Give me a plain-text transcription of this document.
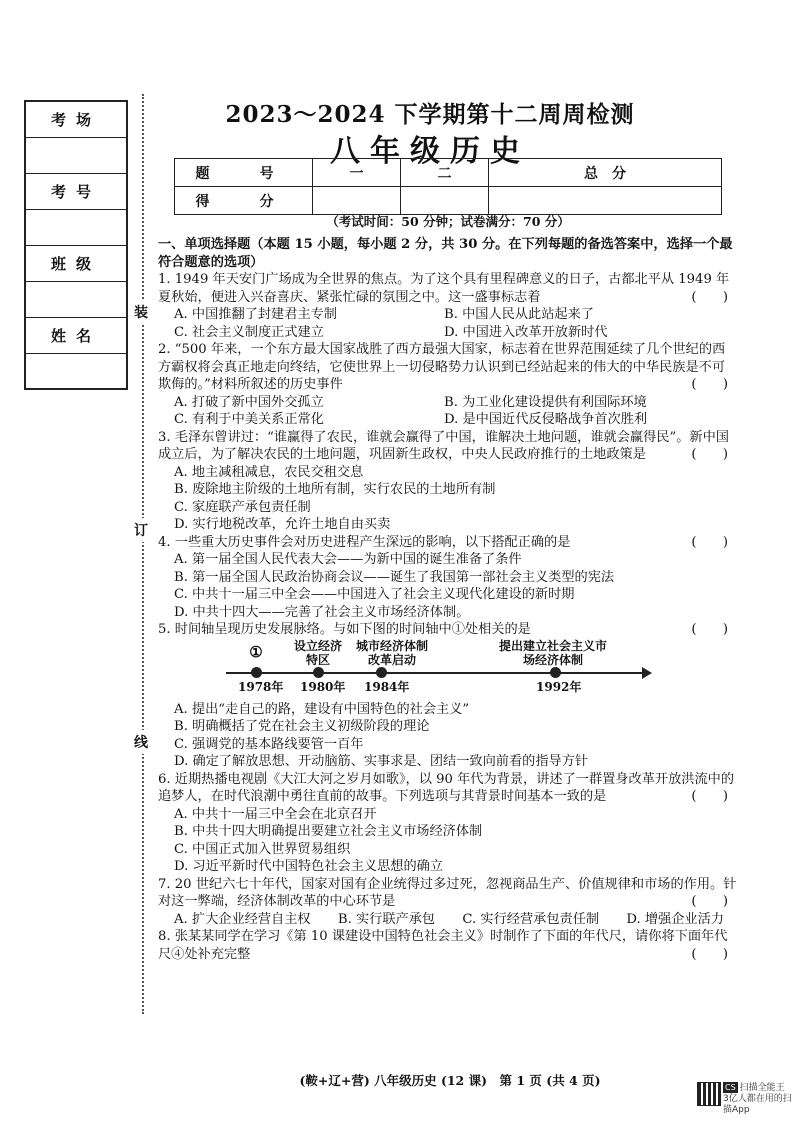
考场
考号
班级
姓名
装
订
线
2023～2024 下学期第十二周周检测
八年级历史
题　号	一	二	总　分
得　分			
（考试时间：50 分钟；试卷满分：70 分）
一、单项选择题（本题 15 小题，每小题 2 分，共 30 分。在下列每题的备选答案中，选择一个最符合题意的选项）
1. 1949 年天安门广场成为全世界的焦点。为了这个具有里程碑意义的日子，古都北平从 1949 年夏秋始，便进入兴奋喜庆、紧张忙碌的氛围之中。这一盛事标志着	(　　)
A. 中国推翻了封建君主专制	B. 中国人民从此站起来了
C. 社会主义制度正式建立	D. 中国进入改革开放新时代
2. “500 年来，一个东方最大国家战胜了西方最强大国家，标志着在世界范围延续了几个世纪的西方霸权将会真正地走向终结，它使世界上一切侵略势力认识到已经站起来的伟大的中华民族是不可欺侮的。”材料所叙述的历史事件	(　　)
A. 打破了新中国外交孤立	B. 为工业化建设提供有利国际环境
C. 有利于中美关系正常化	D. 是中国近代反侵略战争首次胜利
3. 毛泽东曾讲过：“谁赢得了农民，谁就会赢得了中国，谁解决土地问题，谁就会赢得民”。新中国成立后，为了解决农民的土地问题，巩固新生政权，中央人民政府推行的土地政策是	(　　)
A. 地主减租减息，农民交租交息
B. 废除地主阶级的土地所有制，实行农民的土地所有制
C. 家庭联产承包责任制
D. 实行地税改革，允许土地自由买卖
4. 一些重大历史事件会对历史进程产生深远的影响，以下搭配正确的是	(　　)
A. 第一届全国人民代表大会——为新中国的诞生准备了条件
B. 第一届全国人民政治协商会议——诞生了我国第一部社会主义类型的宪法
C. 中共十一届三中全会——中国进入了社会主义现代化建设的新时期
D. 中共十四大——完善了社会主义市场经济体制。
5. 时间轴呈现历史发展脉络。与如下图的时间轴中①处相关的是	(　　)
①	设立经济特区
城市经济体制改革启动
提出建立社会主义市场经济体制
1978年 1980年 1984年	1992年
A. 提出“走自己的路，建设有中国特色的社会主义”
B. 明确概括了党在社会主义初级阶段的理论
C. 强调党的基本路线要管一百年
D. 确定了解放思想、开动脑筋、实事求是、团结一致向前看的指导方针
6. 近期热播电视剧《大江大河之岁月如歌》，以 90 年代为背景，讲述了一群置身改革开放洪流中的追梦人，在时代浪潮中勇往直前的故事。下列选项与其背景时间基本一致的是	(　　)
A. 中共十一届三中全会在北京召开
B. 中共十四大明确提出要建立社会主义市场经济体制
C. 中国正式加入世界贸易组织
D. 习近平新时代中国特色社会主义思想的确立
7. 20 世纪六七十年代，国家对国有企业统得过多过死，忽视商品生产、价值规律和市场的作用。针对这一弊端，经济体制改革的中心环节是	(　　)
A. 扩大企业经营自主权 B. 实行联产承包 C. 实行经营承包责任制 D. 增强企业活力
8. 张某某同学在学习《第 10 课建设中国特色社会主义》时制作了下面的年代尺，请你将下面年代尺④处补充完整	(　　)
(鞍+辽+营) 八年级历史 (12 课)　第 1 页 (共 4 页)	CS 扫描全能王
3亿人都在用的扫描App
